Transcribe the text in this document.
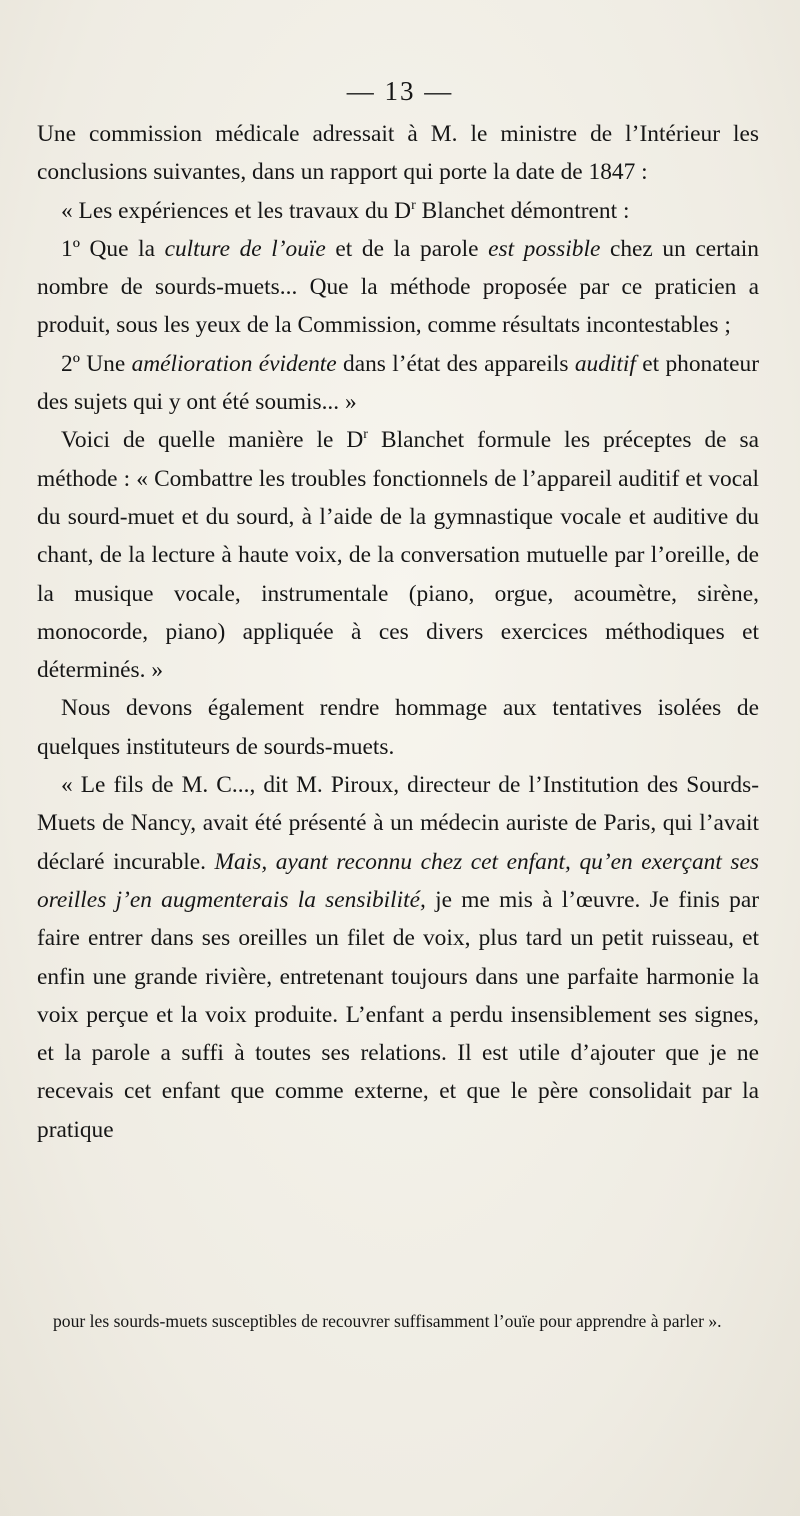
— 13 —

Une commission médicale adressait à M. le ministre de l’Intérieur les conclusions suivantes, dans un rapport qui porte la date de 1847 :

« Les expériences et les travaux du $D^r$ Blanchet démontrent :

1º Que la culture de l’ouïe et de la parole est possible chez un certain nombre de sourds-muets... Que la méthode proposée par ce praticien a produit, sous les yeux de la Commission, comme résultats incontestables ;

2º Une amélioration évidente dans l’état des appareils auditif et phonateur des sujets qui y ont été soumis... »

Voici de quelle manière le $D^r$ Blanchet formule les préceptes de sa méthode : « Combattre les troubles fonctionnels de l’appareil auditif et vocal du sourd-muet et du sourd, à l’aide de la gymnastique vocale et auditive du chant, de la lecture à haute voix, de la conversation mutuelle par l’oreille, de la musique vocale, instrumentale (piano, orgue, acoumètre, sirène, monocorde, piano) appliquée à ces divers exercices méthodiques et déterminés. »

Nous devons également rendre hommage aux tentatives isolées de quelques instituteurs de sourds-muets.

« Le fils de M. C..., dit M. Piroux, directeur de l’Institution des Sourds-Muets de Nancy, avait été présenté à un médecin auriste de Paris, qui l’avait déclaré incurable. Mais, ayant reconnu chez cet enfant, qu’en exerçant ses oreilles j’en augmenterais la sensibilité, je me mis à l’œuvre. Je finis par faire entrer dans ses oreilles un filet de voix, plus tard un petit ruisseau, et enfin une grande rivière, entretenant toujours dans une parfaite harmonie la voix perçue et la voix produite. L’enfant a perdu insensiblement ses signes, et la parole a suffi à toutes ses relations. Il est utile d’ajouter que je ne recevais cet enfant que comme externe, et que le père consolidait par la pratique

pour les sourds-muets susceptibles de recouvrer suffisamment l’ouïe pour apprendre à parler ».
